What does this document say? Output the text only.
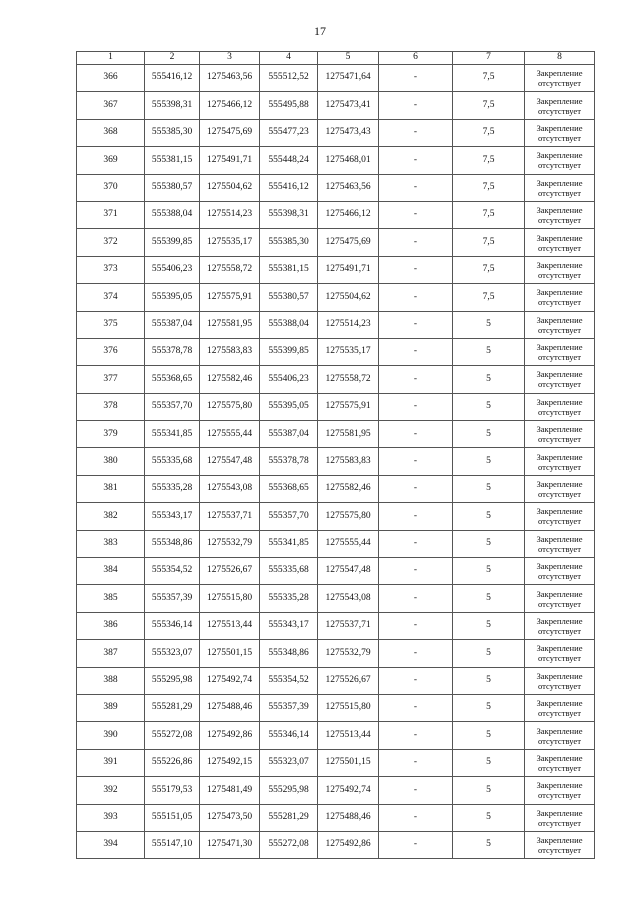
17
1	2	3	4	5	6	7	8
366	555416,12	1275463,56	555512,52	1275471,64	-	7,5	Закрепление отсутствует
367	555398,31	1275466,12	555495,88	1275473,41	-	7,5	Закрепление отсутствует
368	555385,30	1275475,69	555477,23	1275473,43	-	7,5	Закрепление отсутствует
369	555381,15	1275491,71	555448,24	1275468,01	-	7,5	Закрепление отсутствует
370	555380,57	1275504,62	555416,12	1275463,56	-	7,5	Закрепление отсутствует
371	555388,04	1275514,23	555398,31	1275466,12	-	7,5	Закрепление отсутствует
372	555399,85	1275535,17	555385,30	1275475,69	-	7,5	Закрепление отсутствует
373	555406,23	1275558,72	555381,15	1275491,71	-	7,5	Закрепление отсутствует
374	555395,05	1275575,91	555380,57	1275504,62	-	7,5	Закрепление отсутствует
375	555387,04	1275581,95	555388,04	1275514,23	-	5	Закрепление отсутствует
376	555378,78	1275583,83	555399,85	1275535,17	-	5	Закрепление отсутствует
377	555368,65	1275582,46	555406,23	1275558,72	-	5	Закрепление отсутствует
378	555357,70	1275575,80	555395,05	1275575,91	-	5	Закрепление отсутствует
379	555341,85	1275555,44	555387,04	1275581,95	-	5	Закрепление отсутствует
380	555335,68	1275547,48	555378,78	1275583,83	-	5	Закрепление отсутствует
381	555335,28	1275543,08	555368,65	1275582,46	-	5	Закрепление отсутствует
382	555343,17	1275537,71	555357,70	1275575,80	-	5	Закрепление отсутствует
383	555348,86	1275532,79	555341,85	1275555,44	-	5	Закрепление отсутствует
384	555354,52	1275526,67	555335,68	1275547,48	-	5	Закрепление отсутствует
385	555357,39	1275515,80	555335,28	1275543,08	-	5	Закрепление отсутствует
386	555346,14	1275513,44	555343,17	1275537,71	-	5	Закрепление отсутствует
387	555323,07	1275501,15	555348,86	1275532,79	-	5	Закрепление отсутствует
388	555295,98	1275492,74	555354,52	1275526,67	-	5	Закрепление отсутствует
389	555281,29	1275488,46	555357,39	1275515,80	-	5	Закрепление отсутствует
390	555272,08	1275492,86	555346,14	1275513,44	-	5	Закрепление отсутствует
391	555226,86	1275492,15	555323,07	1275501,15	-	5	Закрепление отсутствует
392	555179,53	1275481,49	555295,98	1275492,74	-	5	Закрепление отсутствует
393	555151,05	1275473,50	555281,29	1275488,46	-	5	Закрепление отсутствует
394	555147,10	1275471,30	555272,08	1275492,86	-	5	Закрепление отсутствует
